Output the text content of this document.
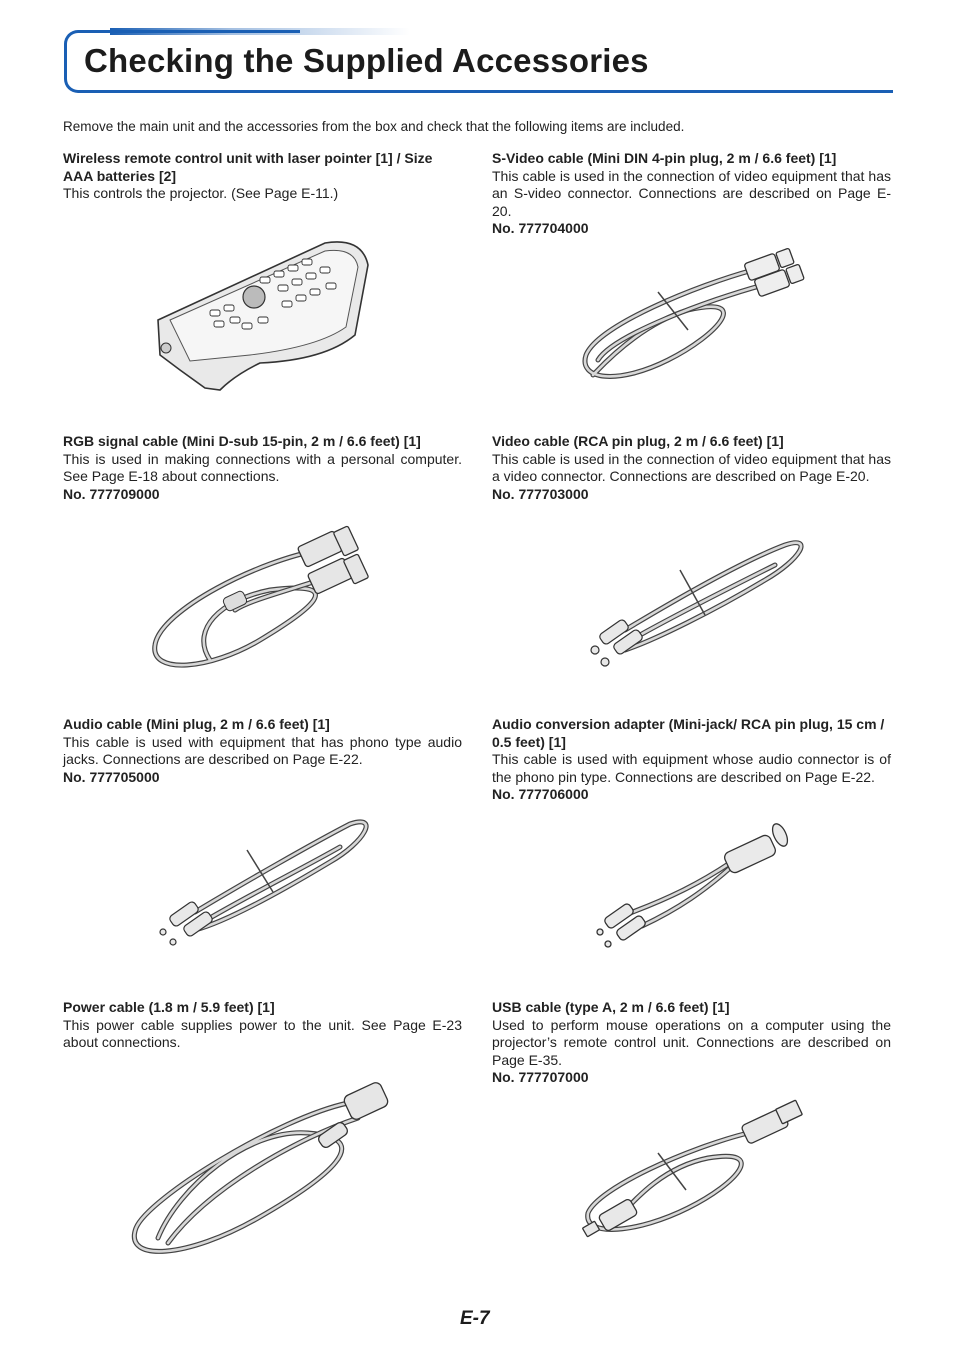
Checking the Supplied Accessories

Remove the main unit and the accessories from the box and check that the following items are included.

Wireless remote control unit with laser pointer [1] / Size AAA batteries [2]

This controls the projector. (See Page E-11.)

S-Video cable (Mini DIN 4-pin plug, 2 m / 6.6 feet) [1]

This cable is used in the connection of video equipment that has an S-video connector. Connections are described on Page E-20.

No. 777704000

RGB signal cable (Mini D-sub 15-pin, 2 m / 6.6 feet) [1]

This is used in making connections with a personal computer. See Page E-18 about connections.

No. 777709000

Video cable (RCA pin plug, 2 m / 6.6 feet) [1]

This cable is used in the connection of video equipment that has a video connector. Connections are described on Page E-20.

No. 777703000

Audio cable (Mini plug, 2 m / 6.6 feet) [1]

This cable is used with equipment that has phono type audio jacks. Connections are described on Page E-22.

No. 777705000

Audio conversion adapter (Mini-jack/ RCA pin plug, 15 cm / 0.5 feet) [1]

This cable is used with equipment whose audio connector is of the phono pin type. Connections are described on Page E-22.

No. 777706000

Power cable (1.8 m / 5.9 feet) [1]

This power cable supplies power to the unit. See Page E-23 about connections.

USB cable (type A, 2 m / 6.6 feet) [1]

Used to perform mouse operations on a computer using the projector’s remote control unit. Connections are described on Page E-35.

No. 777707000

E-7
